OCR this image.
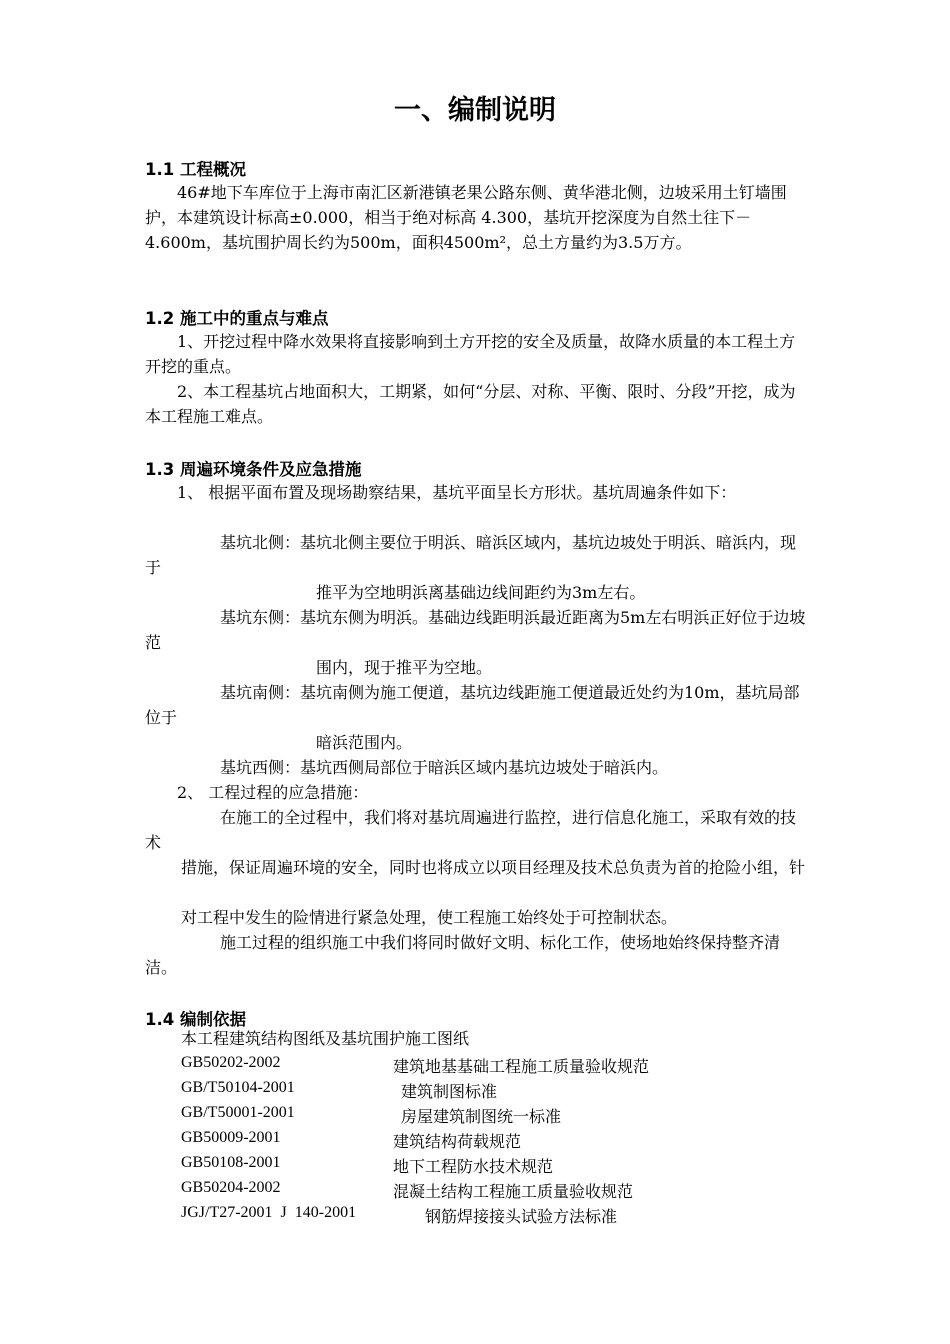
一、编制说明
1.1 工程概况

46#地下车库位于上海市南汇区新港镇老果公路东侧、黄华港北侧，边坡采用土钉墙围护，本建筑设计标高±0.000，相当于绝对标高 4.300，基坑开挖深度为自然土往下－4.600m，基坑围护周长约为500m，面积4500m²，总土方量约为3.5万方。

1.2 施工中的重点与难点

1、开挖过程中降水效果将直接影响到土方开挖的安全及质量，故降水质量的本工程土方开挖的重点。

2、本工程基坑占地面积大，工期紧，如何“分层、对称、平衡、限时、分段”开挖，成为本工程施工难点。

1.3 周遍环境条件及应急措施

1、 根据平面布置及现场勘察结果，基坑平面呈长方形状。基坑周遍条件如下：

基坑北侧：基坑北侧主要位于明浜、暗浜区域内，基坑边坡处于明浜、暗浜内，现于

推平为空地明浜离基础边线间距约为3m左右。

基坑东侧：基坑东侧为明浜。基础边线距明浜最近距离为5m左右明浜正好位于边坡范

围内，现于推平为空地。

基坑南侧：基坑南侧为施工便道，基坑边线距施工便道最近处约为10m，基坑局部位于

暗浜范围内。
基坑西侧：基坑西侧局部位于暗浜区域内基坑边坡处于暗浜内。

2、 工程过程的应急措施：

在施工的全过程中，我们将对基坑周遍进行监控，进行信息化施工，采取有效的技术

措施，保证周遍环境的安全，同时也将成立以项目经理及技术总负责为首的抢险小组，针

对工程中发生的险情进行紧急处理，使工程施工始终处于可控制状态。

施工过程的组织施工中我们将同时做好文明、标化工作，使场地始终保持整齐清洁。

1.4 编制依据
本工程建筑结构图纸及基坑围护施工图纸
GB50202-2002	建筑地基基础工程施工质量验收规范
GB/T50104-2001	建筑制图标准
GB/T50001-2001	房屋建筑制图统一标准
GB50009-2001	建筑结构荷载规范
GB50108-2001	地下工程防水技术规范
GB50204-2002	混凝土结构工程施工质量验收规范
JGJ/T27-2001  J  140-2001	钢筋焊接接头试验方法标准
